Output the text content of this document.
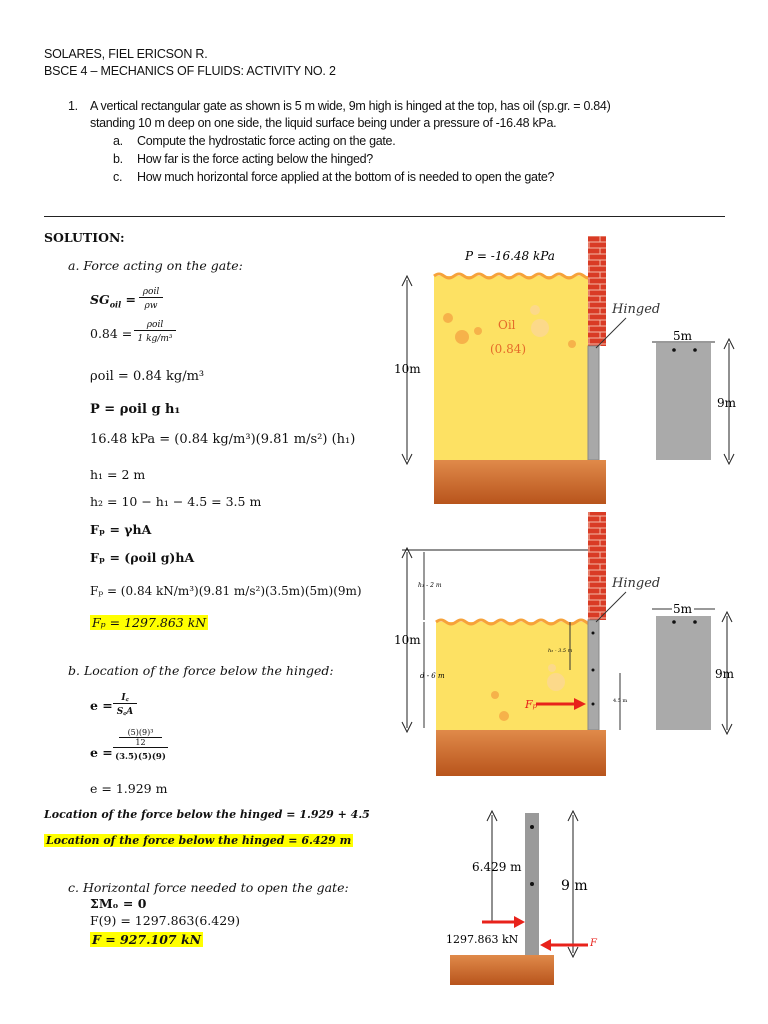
SOLARES, FIEL ERICSON R.
BSCE 4 – MECHANICS OF FLUIDS: ACTIVITY NO. 2
1. A vertical rectangular gate as shown is 5 m wide, 9m high is hinged at the top, has oil (sp.gr. = 0.84)
standing 10 m deep on one side, the liquid surface being under a pressure of -16.48 kPa.
a. Compute the hydrostatic force acting on the gate.
b. How far is the force acting below the hinged?
c. How much horizontal force applied at the bottom of is needed to open the gate?
SOLUTION:
a. Force acting on the gate:
$SG_{oil} = \rho oil$
ρw
0.84 =
ρoil
1 kg/m³
ρoil = 0.84 kg/m³
P = ρoil g h₁
16.48 kPa = (0.84 kg/m³)(9.81 m/s²) (h₁)
h₁ = 2 m
h₂ = 10 − h₁ − 4.5 = 3.5 m
Fₚ = γhA
Fₚ = (ρoil g)hA
Fₚ = (0.84 kN/m³)(9.81 m/s²)(3.5m)(5m)(9m)
Fₚ = 1297.863 kN
b. Location of the force below the hinged:
e = I꜀
S꜀A
e =
(5)(9)³
12
(3.5)(5)(9)
e = 1.929 m
Location of the force below the hinged = 1.929 + 4.5
Location of the force below the hinged = 6.429 m
c. Horizontal force needed to open the gate:
ΣMₒ = 0
F(9) = 1297.863(6.429)
F = 927.107 kN
P = -16.48 kPa
Oil
(0.84)
Hinged
10m
5m
9m
10m
h₁ - 2 m
d - 6 m
h₂ - 3.5 m
Fₚ	4.5 m
Hinged
5m
9m
6.429 m
1297.863 kN
9 m
F
